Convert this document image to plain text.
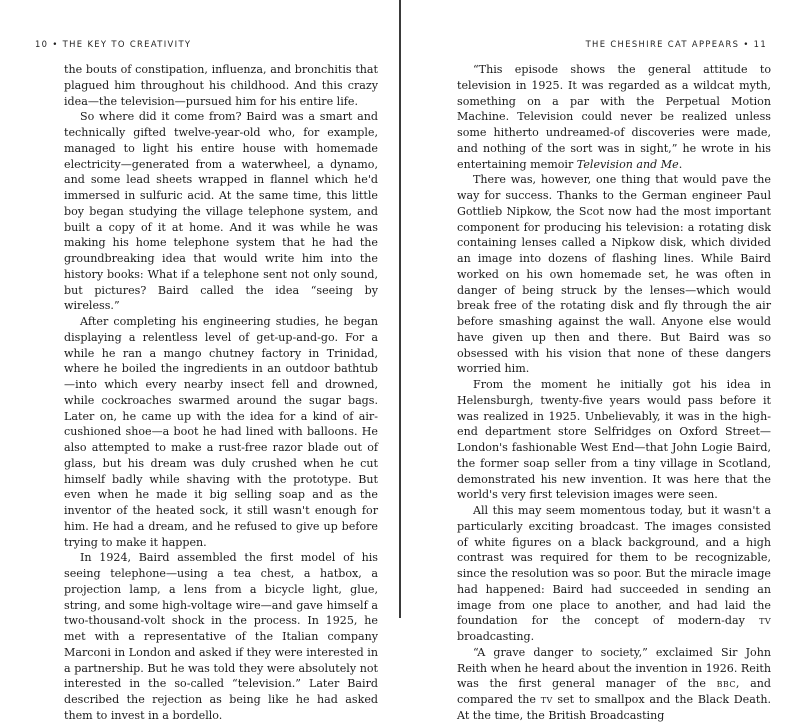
10 • THE KEY TO CREATIVITY

the bouts of constipation, influenza, and bronchitis that plagued him throughout his childhood. And this crazy idea—the television—pursued him for his entire life.

So where did it come from? Baird was a smart and technically gifted twelve-year-old who, for example, managed to light his entire house with homemade electricity—generated from a waterwheel, a dynamo, and some lead sheets wrapped in flannel which he'd immersed in sulfuric acid. At the same time, this little boy began studying the village telephone system, and built a copy of it at home. And it was while he was making his home telephone system that he had the groundbreaking idea that would write him into the history books: What if a telephone sent not only sound, but pictures? Baird called the idea “seeing by wireless.”

After completing his engineering studies, he began displaying a relentless level of get-up-and-go. For a while he ran a mango chutney factory in Trinidad, where he boiled the ingredients in an outdoor bathtub—into which every nearby insect fell and drowned, while cockroaches swarmed around the sugar bags. Later on, he came up with the idea for a kind of air-cushioned shoe—a boot he had lined with balloons. He also attempted to make a rust-free razor blade out of glass, but his dream was duly crushed when he cut himself badly while shaving with the prototype. But even when he made it big selling soap and as the inventor of the heated sock, it still wasn't enough for him. He had a dream, and he refused to give up before trying to make it happen.

In 1924, Baird assembled the first model of his seeing telephone—using a tea chest, a hatbox, a projection lamp, a lens from a bicycle light, glue, string, and some high-voltage wire—and gave himself a two-thousand-volt shock in the process. In 1925, he met with a representative of the Italian company Marconi in London and asked if they were interested in a partnership. But he was told they were absolutely not interested in the so-called “television.” Later Baird described the rejection as being like he had asked them to invest in a bordello.

THE CHESHIRE CAT APPEARS • 11

“This episode shows the general attitude to television in 1925. It was regarded as a wildcat myth, something on a par with the Perpetual Motion Machine. Television could never be realized unless some hitherto undreamed-of discoveries were made, and nothing of the sort was in sight,” he wrote in his entertaining memoir Television and Me.

There was, however, one thing that would pave the way for success. Thanks to the German engineer Paul Gottlieb Nipkow, the Scot now had the most important component for producing his television: a rotating disk containing lenses called a Nipkow disk, which divided an image into dozens of flashing lines. While Baird worked on his own homemade set, he was often in danger of being struck by the lenses—which would break free of the rotating disk and fly through the air before smashing against the wall. Anyone else would have given up then and there. But Baird was so obsessed with his vision that none of these dangers worried him.

From the moment he initially got his idea in Helensburgh, twenty-five years would pass before it was realized in 1925. Unbelievably, it was in the high-end department store Selfridges on Oxford Street—London's fashionable West End—that John Logie Baird, the former soap seller from a tiny village in Scotland, demonstrated his new invention. It was here that the world's very first television images were seen.

All this may seem momentous today, but it wasn't a particularly exciting broadcast. The images consisted of white figures on a black background, and a high contrast was required for them to be recognizable, since the resolution was so poor. But the miracle image had happened: Baird had succeeded in sending an image from one place to another, and had laid the foundation for the concept of modern-day tv broadcasting.

“A grave danger to society,” exclaimed Sir John Reith when he heard about the invention in 1926. Reith was the first general manager of the bbc, and compared the tv set to smallpox and the Black Death. At the time, the British Broadcasting
